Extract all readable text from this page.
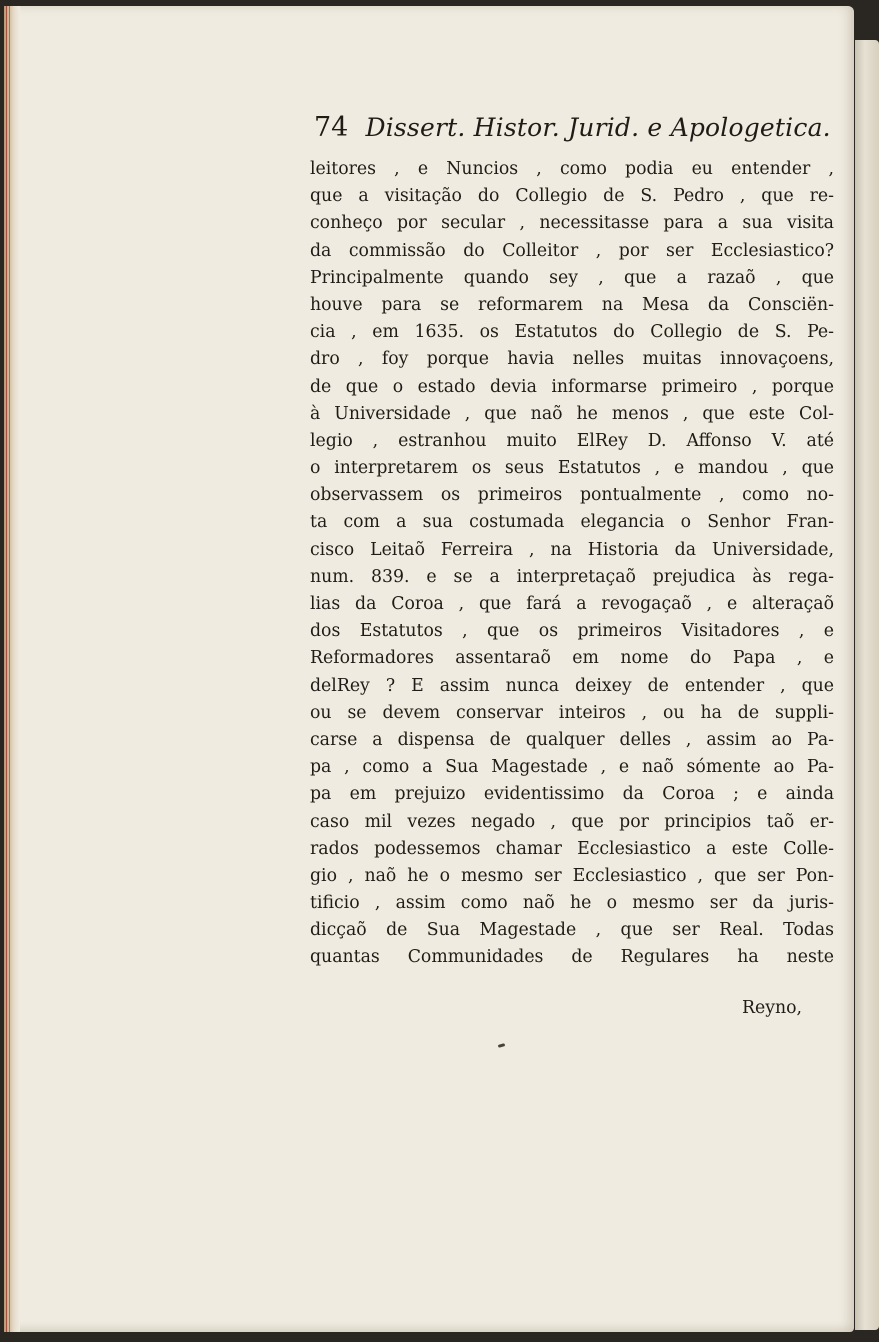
74 Dissert. Histor. Jurid. e Apologetica.
leitores , e Nuncios , como podia eu entender ,
que a visitação do Collegio de S. Pedro , que re-
conheço por secular , necessitasse para a sua visita
da commissão do Colleitor , por ser Ecclesiastico?
Principalmente quando sey , que a razaõ , que
houve para se reformarem na Mesa da Consciën-
cia , em 1635. os Estatutos do Collegio de S. Pe-
dro , foy porque havia nelles muitas innovaçoens,
de que o estado devia informarse primeiro , porque
à Universidade , que naõ he menos , que este Col-
legio , estranhou muito ElRey D. Affonso V. até
o interpretarem os seus Estatutos , e mandou , que
observassem os primeiros pontualmente , como no-
ta com a sua costumada elegancia o Senhor Fran-
cisco Leitaõ Ferreira , na Historia da Universidade,
num. 839. e se a interpretaçaõ prejudica às rega-
lias da Coroa , que fará a revogaçaõ , e alteraçaõ
dos Estatutos , que os primeiros Visitadores , e
Reformadores assentaraõ em nome do Papa , e
delRey ? E assim nunca deixey de entender , que
ou se devem conservar inteiros , ou ha de suppli-
carse a dispensa de qualquer delles , assim ao Pa-
pa , como a Sua Magestade , e naõ sómente ao Pa-
pa em prejuizo evidentissimo da Coroa ; e ainda
caso mil vezes negado , que por principios taõ er-
rados podessemos chamar Ecclesiastico a este Colle-
gio , naõ he o mesmo ser Ecclesiastico , que ser Pon-
tificio , assim como naõ he o mesmo ser da juris-
dicçaõ de Sua Magestade , que ser Real. Todas
quantas Communidades de Regulares ha neste
Reyno,
